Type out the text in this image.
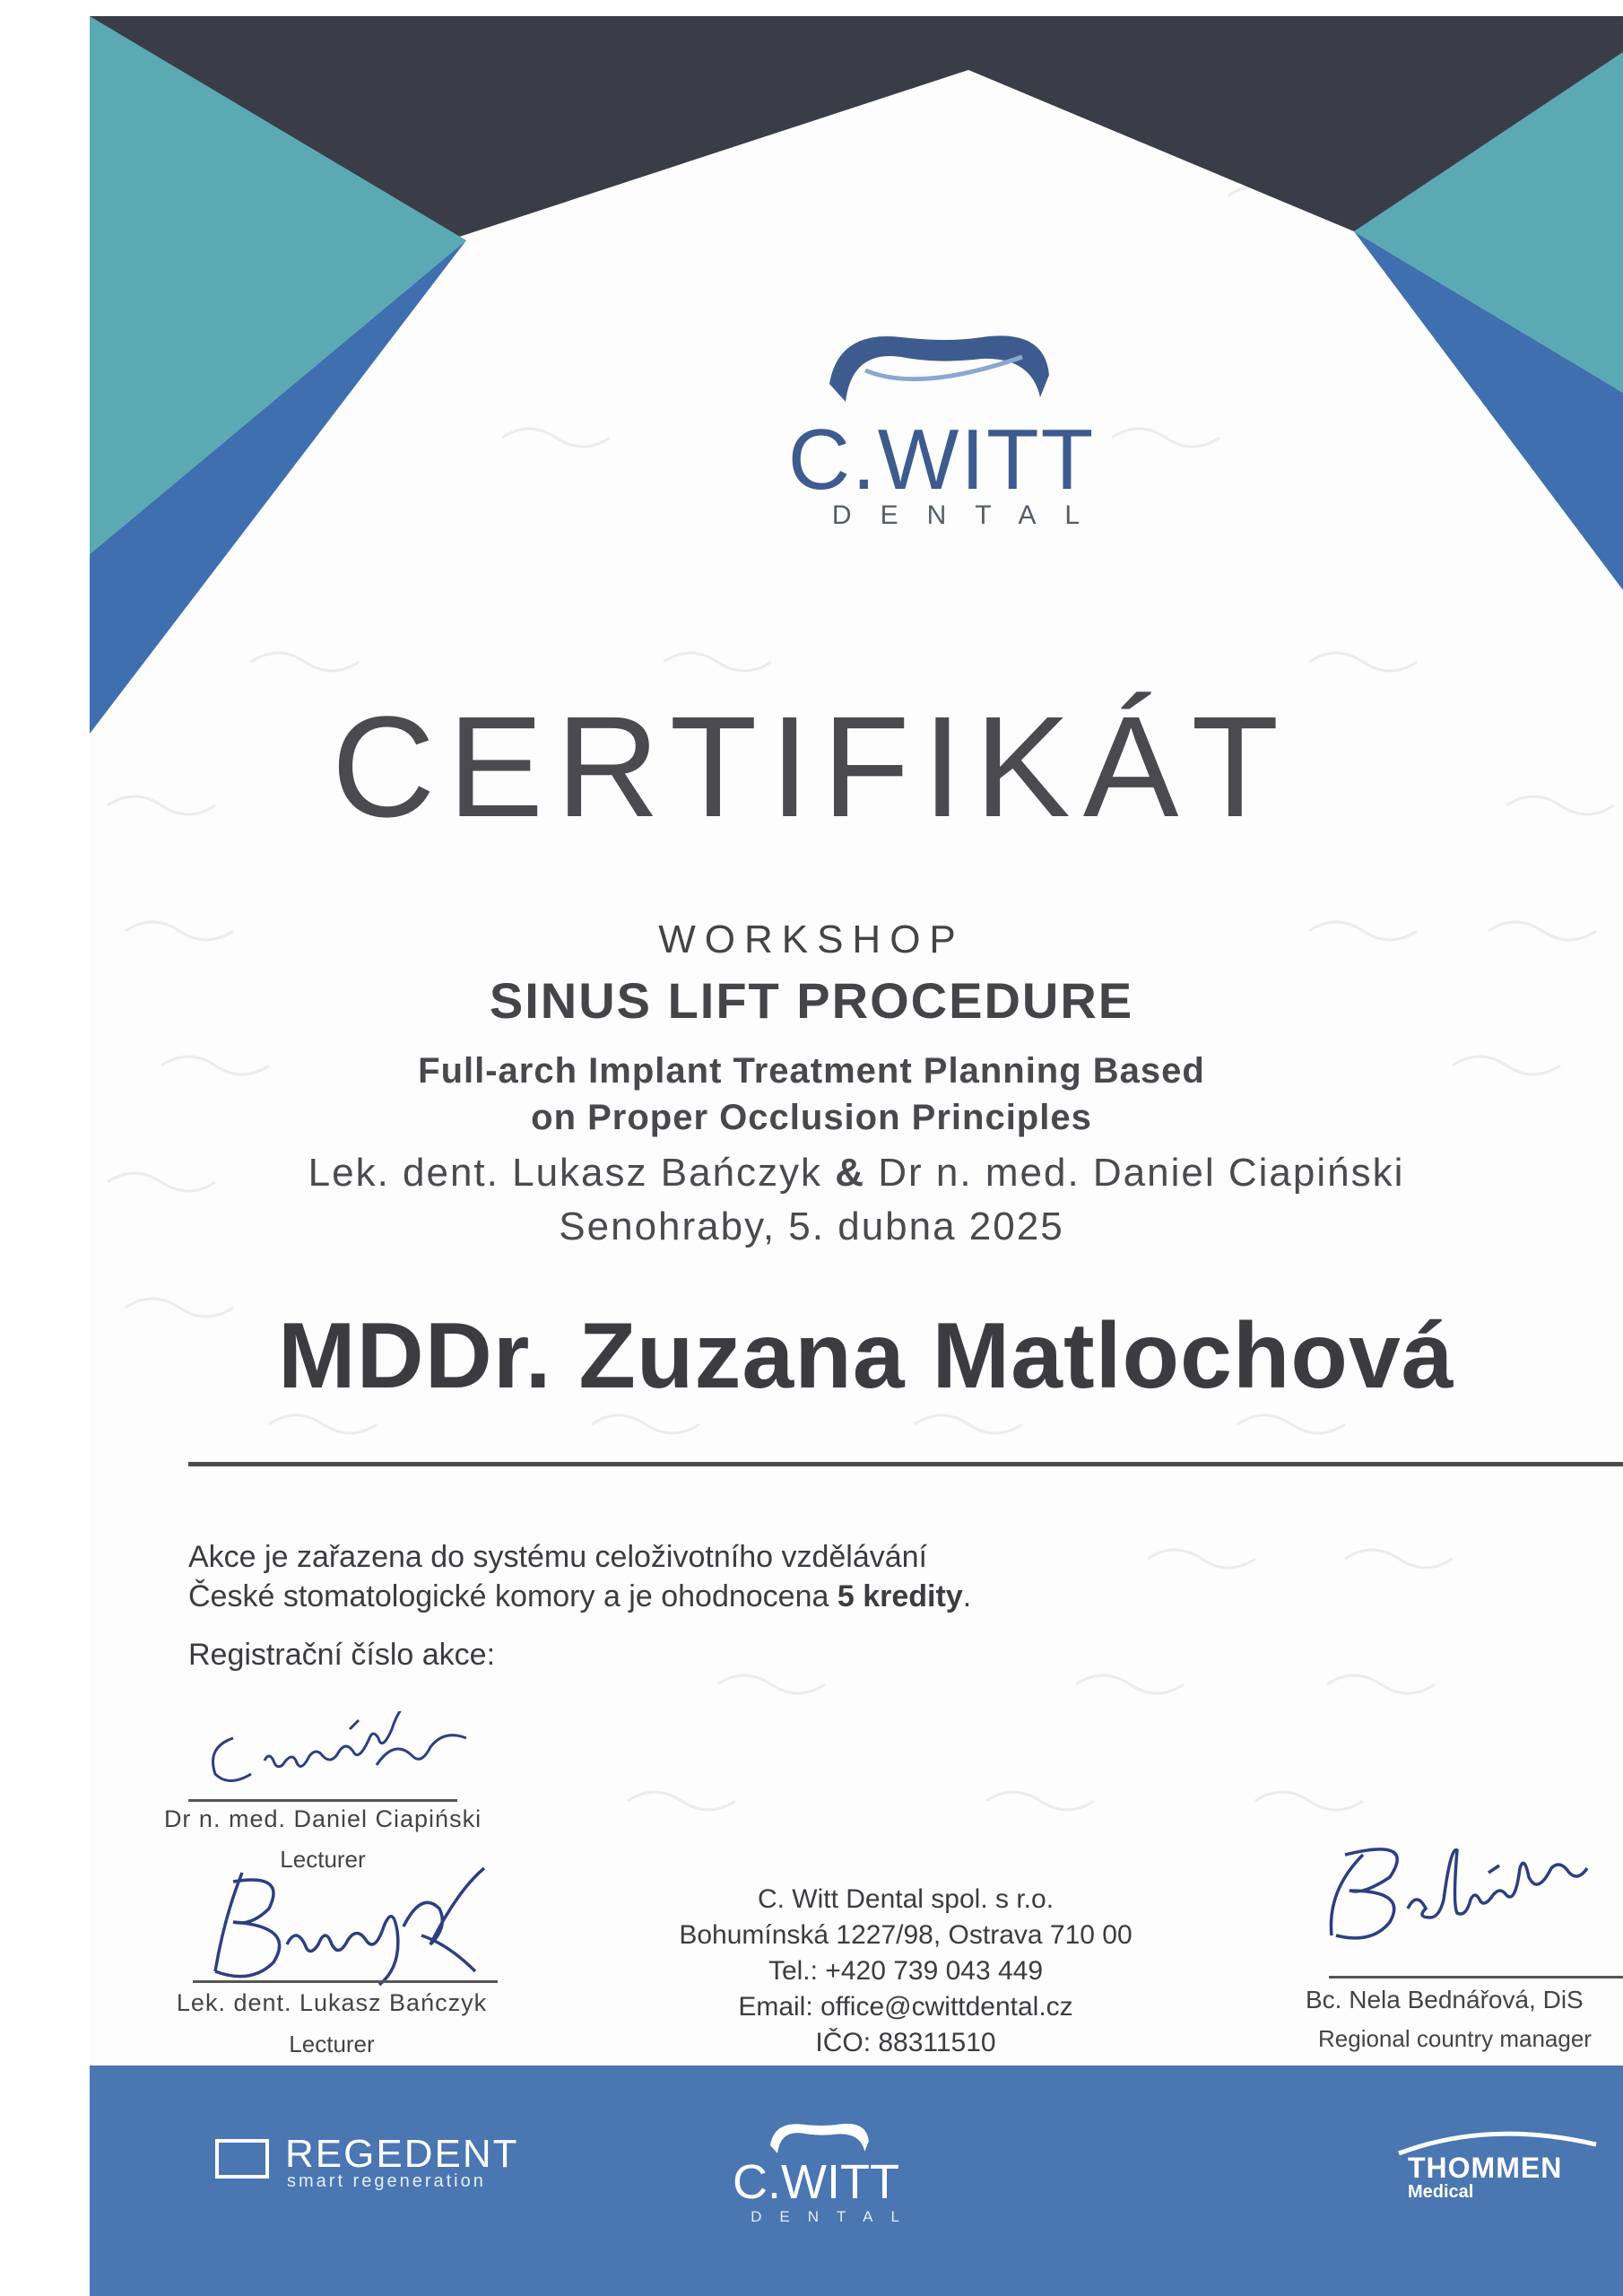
C.WITT
DENTAL
CERTIFIKÁT
WORKSHOP
SINUS LIFT PROCEDURE
Full-arch Implant Treatment Planning Based
on Proper Occlusion Principles
Lek. dent. Lukasz Bańczyk & Dr n. med. Daniel Ciapiński
Senohraby, 5. dubna 2025
MDDr. Zuzana Matlochová
Akce je zařazena do systému celoživotního vzdělávání
České stomatologické komory a je ohodnocena 5 kredity.
Registrační číslo akce:
Dr n. med. Daniel Ciapiński
Lecturer
Lek. dent. Lukasz Bańczyk
Lecturer
C. Witt Dental spol. s r.o.
Bohumínská 1227/98, Ostrava 710 00
Tel.: +420 739 043 449
Email: office@cwittdental.cz
IČO: 88311510
Bc. Nela Bednářová, DiS
Regional country manager
REGEDENT
smart regeneration	C.WITT
DENTAL
THOMMEN
Medical
